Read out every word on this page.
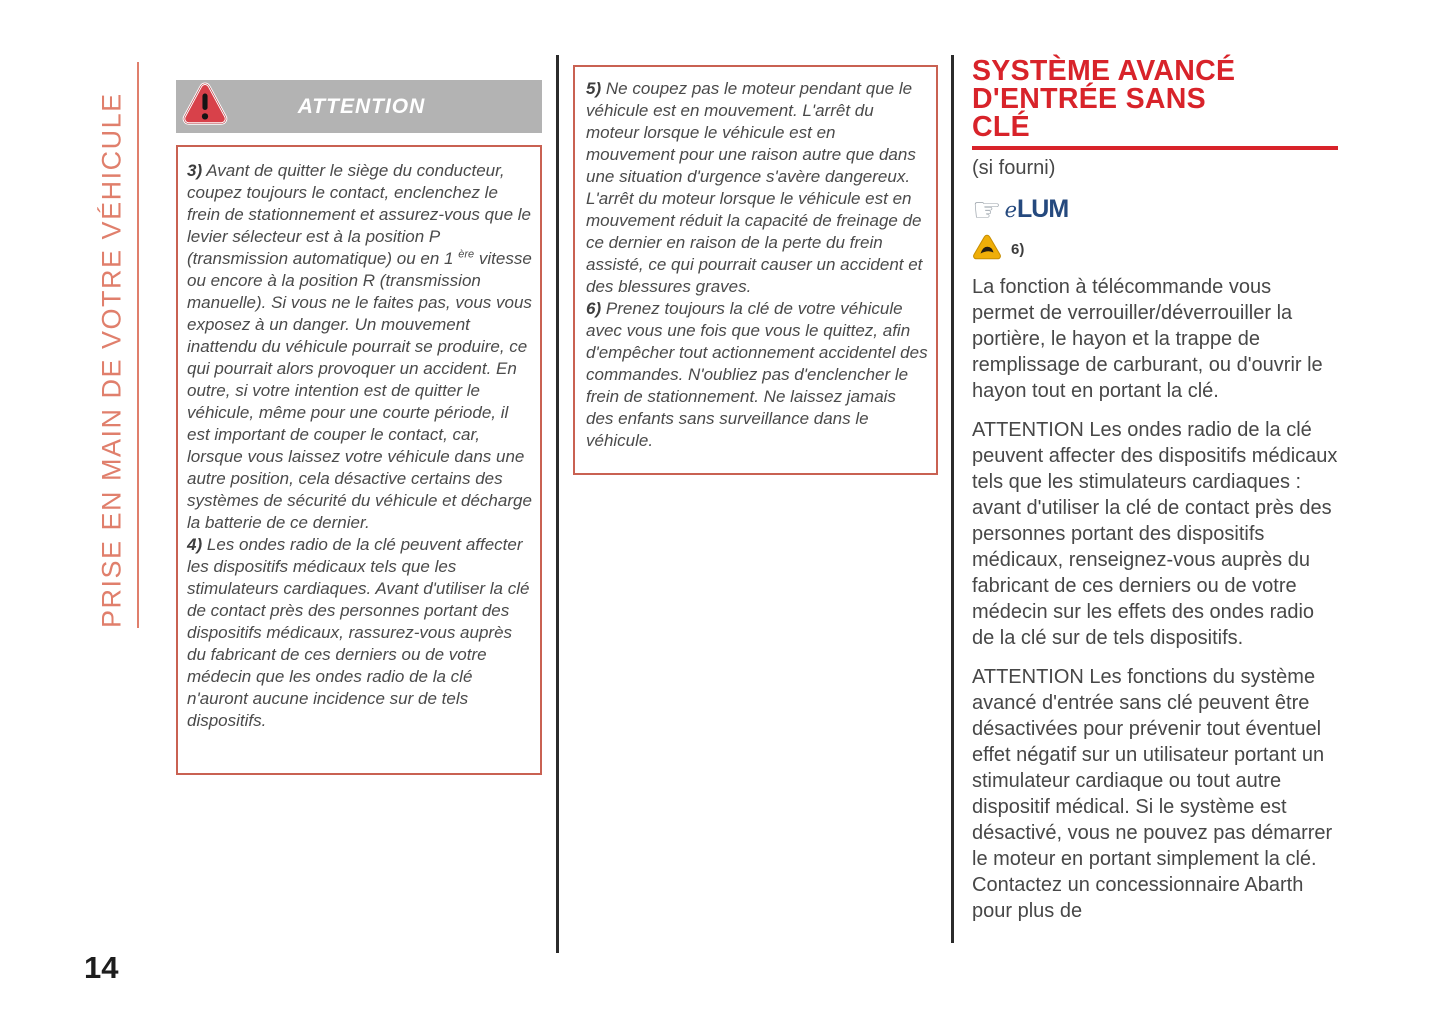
PRISE EN MAIN DE VOTRE VÉHICULE
14
ATTENTION
3) Avant de quitter le siège du conducteur, coupez toujours le contact, enclenchez le frein de stationnement et assurez-vous que le levier sélecteur est à la position P (transmission automatique) ou en 1 $^{ère}$ vitesse ou encore à la position R (transmission manuelle). Si vous ne le faites pas, vous vous exposez à un danger. Un mouvement inattendu du véhicule pourrait se produire, ce qui pourrait alors provoquer un accident. En outre, si votre intention est de quitter le véhicule, même pour une courte période, il est important de couper le contact, car, lorsque vous laissez votre véhicule dans une autre position, cela désactive certains des systèmes de sécurité du véhicule et décharge la batterie de ce dernier.
4) Les ondes radio de la clé peuvent affecter les dispositifs médicaux tels que les stimulateurs cardiaques. Avant d'utiliser la clé de contact près des personnes portant des dispositifs médicaux, rassurez-vous auprès du fabricant de ces derniers ou de votre médecin que les ondes radio de la clé n'auront aucune incidence sur de tels dispositifs.
5) Ne coupez pas le moteur pendant que le véhicule est en mouvement. L'arrêt du moteur lorsque le véhicule est en mouvement pour une raison autre que dans une situation d'urgence s'avère dangereux. L'arrêt du moteur lorsque le véhicule est en mouvement réduit la capacité de freinage de ce dernier en raison de la perte du frein assisté, ce qui pourrait causer un accident et des blessures graves.
6) Prenez toujours la clé de votre véhicule avec vous une fois que vous le quittez, afin d'empêcher tout actionnement accidentel des commandes. N'oubliez pas d'enclencher le frein de stationnement. Ne laissez jamais des enfants sans surveillance dans le véhicule.
SYSTÈME AVANCÉ
D'ENTRÉE SANS
CLÉ
(si fourni)
☞ eLUM
6)
La fonction à télécommande vous permet de verrouiller/déverrouiller la portière, le hayon et la trappe de remplissage de carburant, ou d'ouvrir le hayon tout en portant la clé.
ATTENTION Les ondes radio de la clé peuvent affecter des dispositifs médicaux tels que les stimulateurs cardiaques : avant d'utiliser la clé de contact près des personnes portant des dispositifs médicaux, renseignez-vous auprès du fabricant de ces derniers ou de votre médecin sur les effets des ondes radio de la clé sur de tels dispositifs.
ATTENTION Les fonctions du système avancé d'entrée sans clé peuvent être désactivées pour prévenir tout éventuel effet négatif sur un utilisateur portant un stimulateur cardiaque ou tout autre dispositif médical. Si le système est désactivé, vous ne pouvez pas démarrer le moteur en portant simplement la clé. Contactez un concessionnaire Abarth pour plus de
